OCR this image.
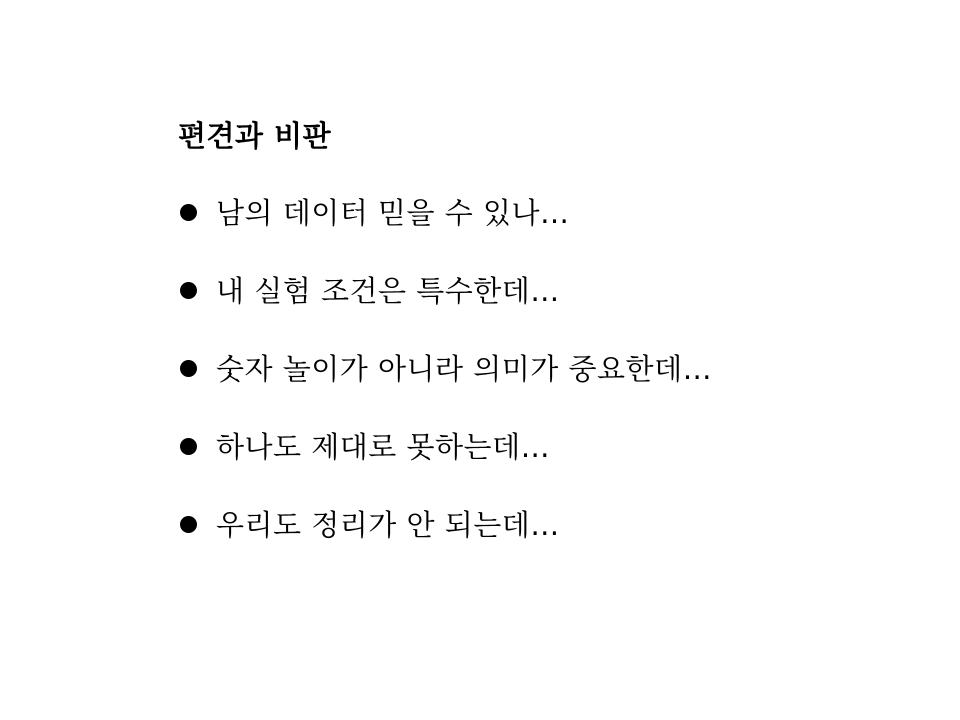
편견과 비판
남의 데이터 믿을 수 있나…
내 실험 조건은 특수한데…
숫자 놀이가 아니라 의미가 중요한데…
하나도 제대로 못하는데…
우리도 정리가 안 되는데…
